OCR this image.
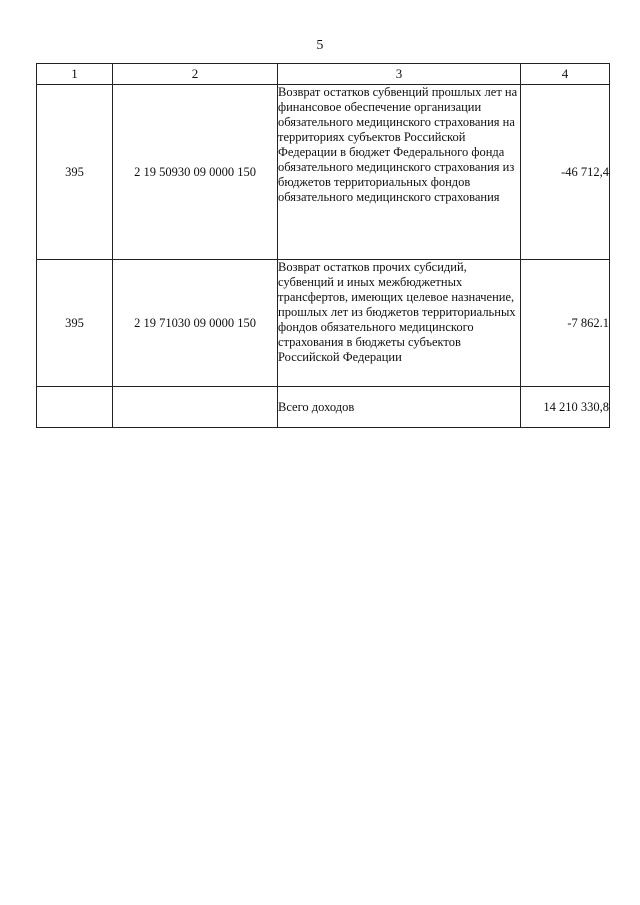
5
1	2	3	4
395	2 19 50930 09 0000 150	Возврат остатков субвенций прошлых лет на финансовое обеспечение организации обязательного медицинского страхования на территориях субъектов Российской Федерации в бюджет Федерального фонда обязательного медицинского страхования из бюджетов территориальных фондов обязательного медицинского страхования	-46 712,4
395	2 19 71030 09 0000 150	Возврат остатков прочих субсидий, субвенций и иных межбюджетных трансфертов, имеющих целевое назначение, прошлых лет из бюджетов территориальных фондов обязательного медицинского страхования в бюджеты субъектов Российской Федерации	-7 862.1
		Всего доходов	14 210 330,8
